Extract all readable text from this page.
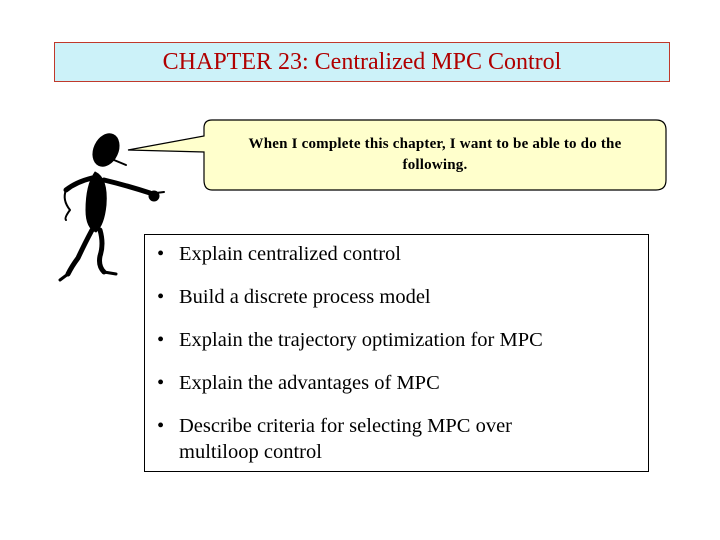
CHAPTER 23: Centralized MPC Control
When I complete this chapter, I want to be able to do the following.
• Explain centralized control
• Build a discrete process model
• Explain the trajectory optimization for MPC
• Explain the advantages of MPC
• Describe criteria for selecting MPC over multiloop control
